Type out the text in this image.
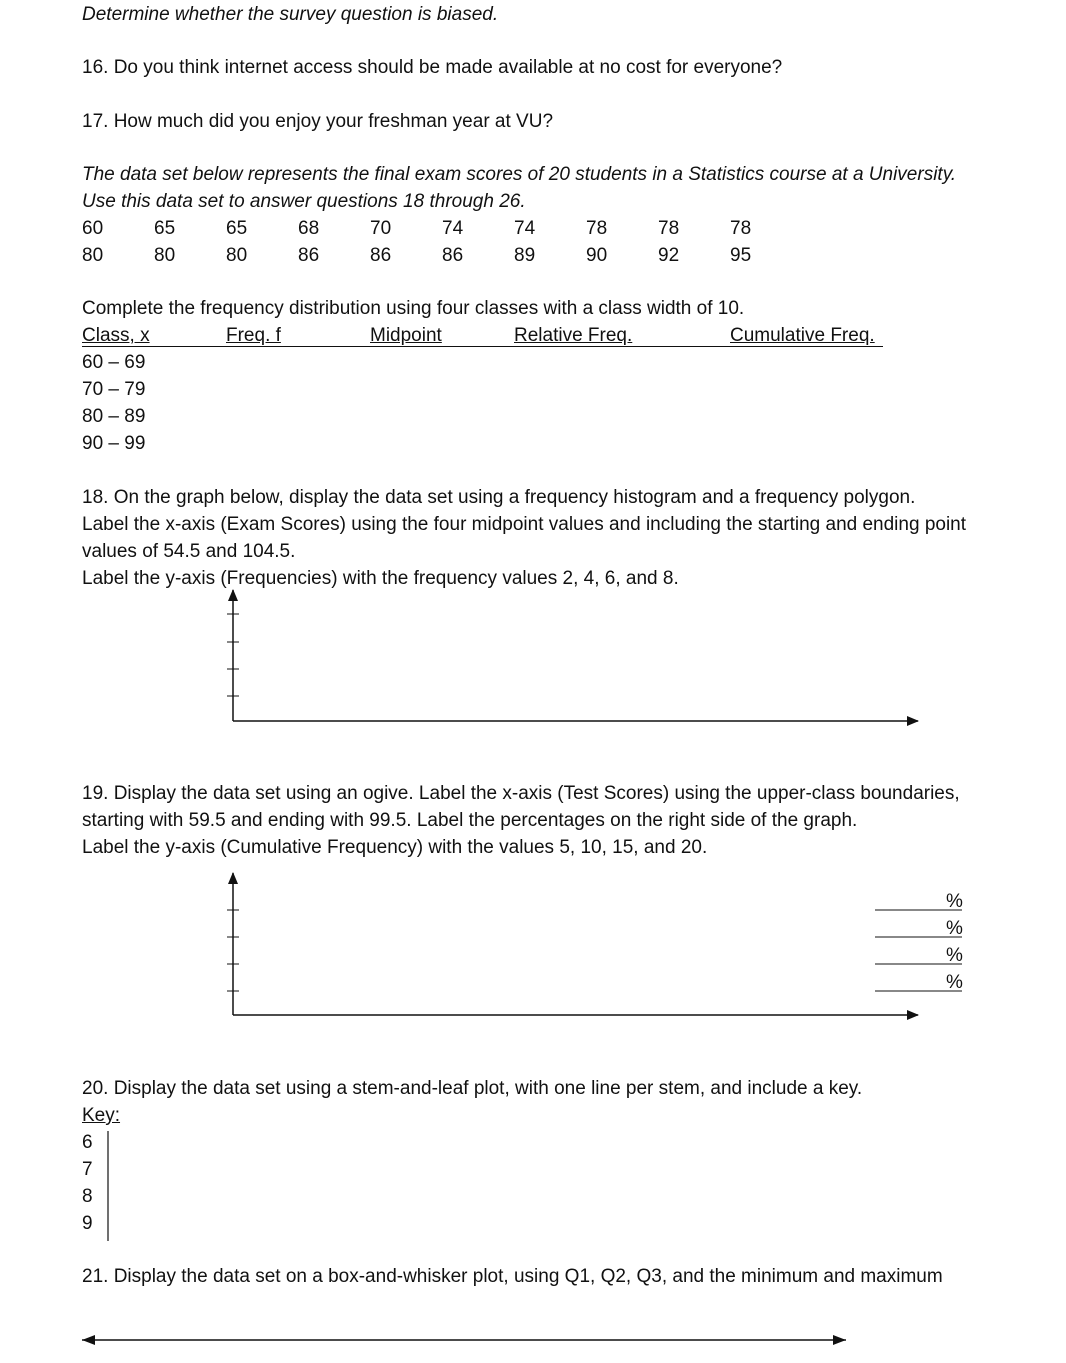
Determine whether the survey question is biased.
16. Do you think internet access should be made available at no cost for everyone?
17. How much did you enjoy your freshman year at VU?
The data set below represents the final exam scores of 20 students in a Statistics course at a University.
Use this data set to answer questions 18 through 26.
60	65	65	68	70	74	74	78	78	78
80	80	80	86	86	86	89	90	92	95
Complete the frequency distribution using four classes with a class width of 10.
Class, x	Freq. f	Midpoint	Relative Freq.	Cumulative Freq.
60 – 69
70 – 79
80 – 89
90 – 99
18. On the graph below, display the data set using a frequency histogram and a frequency polygon.
Label the x-axis (Exam Scores) using the four midpoint values and including the starting and ending point
values of 54.5 and 104.5.
Label the y-axis (Frequencies) with the frequency values 2, 4, 6, and 8.
19. Display the data set using an ogive. Label the x-axis (Test Scores) using the upper-class boundaries,
starting with 59.5 and ending with 99.5. Label the percentages on the right side of the graph.
Label the y-axis (Cumulative Frequency) with the values 5, 10, 15, and 20.
%
%
%
%
20. Display the data set using a stem-and-leaf plot, with one line per stem, and include a key.
Key:
6
7
8
9
21. Display the data set on a box-and-whisker plot, using Q1, Q2, Q3, and the minimum and maximum
